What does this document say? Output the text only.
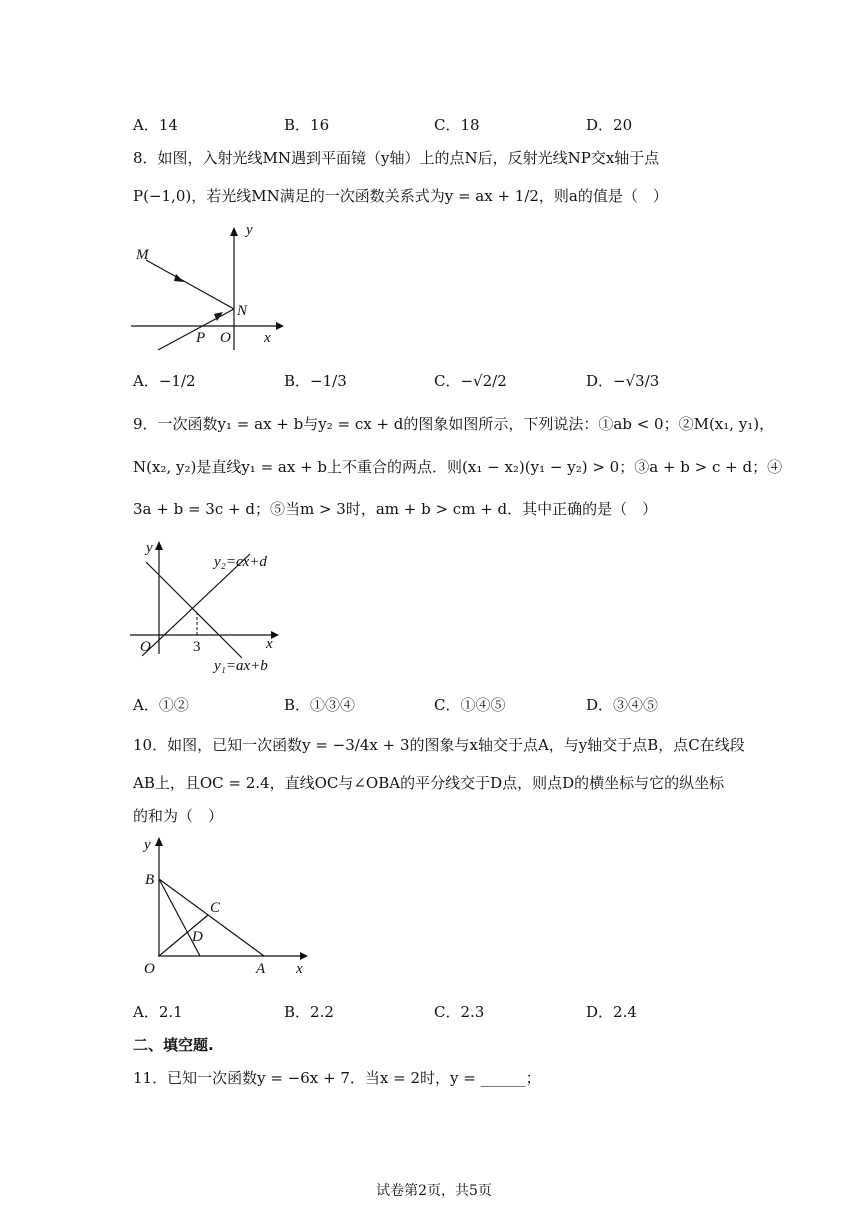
A．14	B．16	C．18	D．20
8．如图，入射光线MN遇到平面镜（y轴）上的点N后，反射光线NP交x轴于点
P(−1,0)，若光线MN满足的一次函数关系式为y = ax + 1/2，则a的值是（　）
y
M
N
P O x
A．−1/2	B．−1/3	C．−√2/2	D．−√3/3
9．一次函数y₁ = ax + b与y₂ = cx + d的图象如图所示，下列说法：①ab < 0；②M(x₁, y₁)，
N(x₂, y₂)是直线y₁ = ax + b上不重合的两点．则(x₁ − x₂)(y₁ − y₂) > 0；③a + b > c + d；④
3a + b = 3c + d；⑤当m > 3时，am + b > cm + d．其中正确的是（　）
y
y₂=cx+d
3
O	x
y₁=ax+b
A．①②	B．①③④	C．①④⑤	D．③④⑤
10．如图，已知一次函数y = −3/4x + 3的图象与x轴交于点A，与y轴交于点B，点C在线段
AB上，且OC = 2.4，直线OC与∠OBA的平分线交于D点，则点D的横坐标与它的纵坐标
的和为（　）
y
B
C
D
O	A x
A．2.1	B．2.2	C．2.3	D．2.4
二、填空题.
11．已知一次函数y = −6x + 7．当x = 2时，y = ______；
试卷第2页，共5页
